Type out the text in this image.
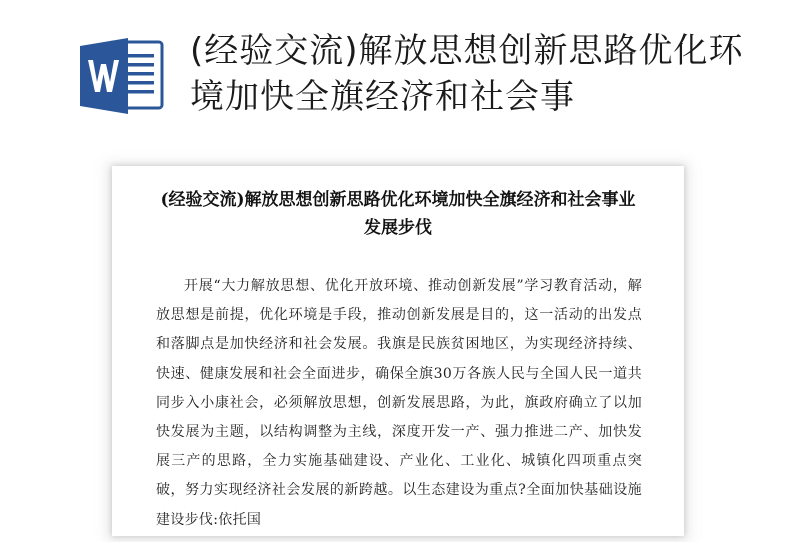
(经验交流)解放思想创新思路优化环境加快全旗经济和社会事
(经验交流)解放思想创新思路优化环境加快全旗经济和社会事业发展步伐

开展“大力解放思想、优化开放环境、推动创新发展”学习教育活动，解放思想是前提，优化环境是手段，推动创新发展是目的，这一活动的出发点和落脚点是加快经济和社会发展。我旗是民族贫困地区，为实现经济持续、快速、健康发展和社会全面进步，确保全旗30万各族人民与全国人民一道共同步入小康社会，必须解放思想，创新发展思路，为此，旗政府确立了以加快发展为主题，以结构调整为主线，深度开发一产、强力推进二产、加快发展三产的思路，全力实施基础建设、产业化、工业化、城镇化四项重点突破，努力实现经济社会发展的新跨越。以生态建设为重点?全面加快基础设施建设步伐:依托国
